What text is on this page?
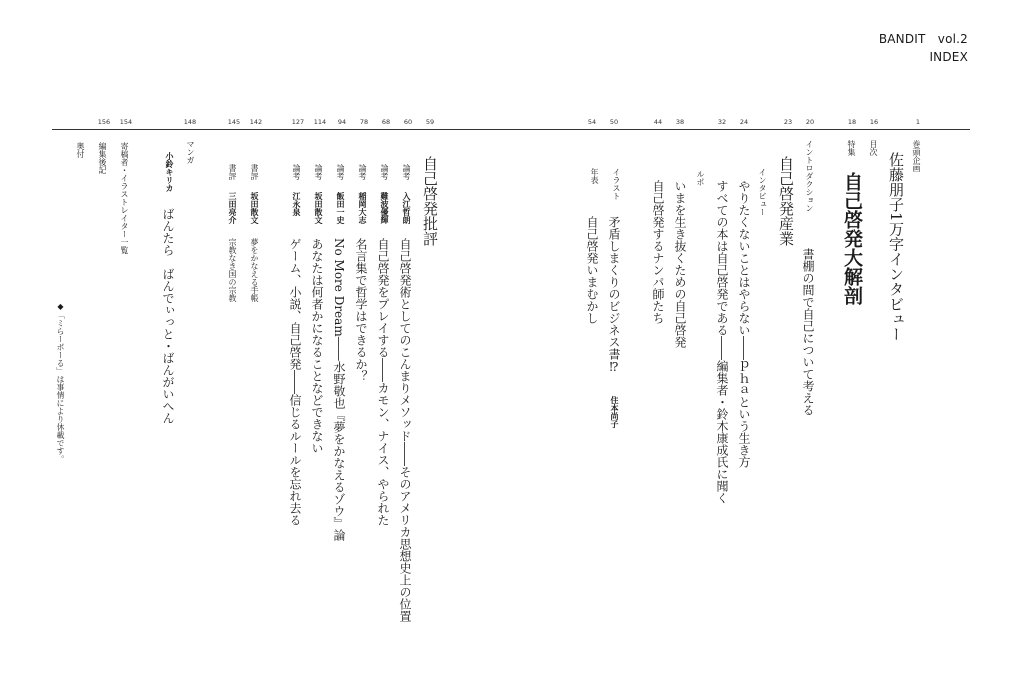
BANDIT　vol.2
INDEX
1
16
18
20
23
24
32
38
44
50
54
59
60
68
78
94
114
127
142
145
148
154
156
巻頭企画
佐藤朋子1万字インタビュー
目次
特集
自己啓発大解剖
イントロダクション
書棚の間で自己について考える
自己啓発産業
インタビュー
やりたくないことはやらない――ｐｈａという生き方
すべての本は自己啓発である――編集者・鈴木康成氏に聞く
ルポ
いまを生き抜くための自己啓発
自己啓発するナンパ師たち
イラスト
矛盾しまくりのビジネス書⁉
住本尚子
年表
自己啓発いまむかし
自己啓発批評
論考
入江哲朗
自己啓発術としてのこんまりメソッド――そのアメリカ思想史上の位置
論考
難波優輝
自己啓発をプレイする――カモン、ナイス、やられた
論考
稲岡大志
名言集で哲学はできるか？
論考
飯田一史
No More Dream――水野敬也『夢をかなえるゾウ』論
論考
坂田散文
あなたは何者かになることなどできない
論考
江永泉
ゲーム、小説、自己啓発――信じるルールを忘れ去る
書評
坂田散文
夢をかなえる手帳
書評
三田亮介
宗教なき国の宗教
マンガ
小鈴キリカ
ばんたら　ばんでぃっと・ばんがいへん
寄稿者・イラストレイター一覧
編集後記
奥付
◆「ミらーボーる」は事情により休載です。
